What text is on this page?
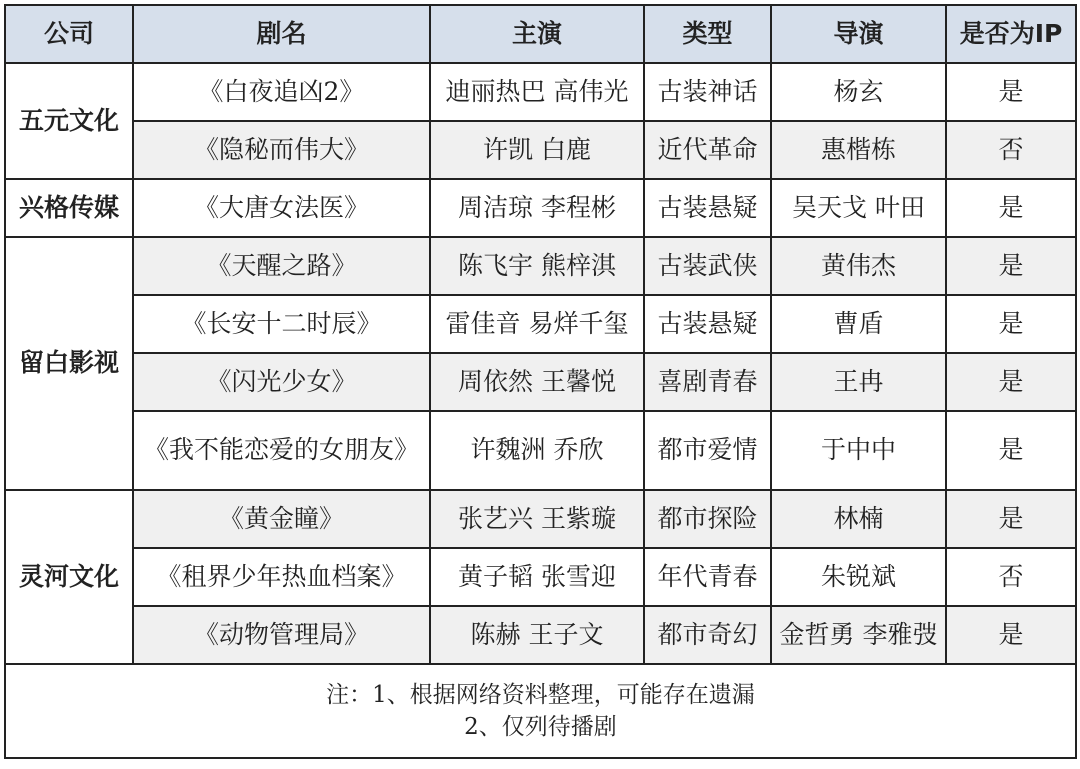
公司	剧名	主演	类型	导演	是否为IP
五元文化	《白夜追凶2》	迪丽热巴 高伟光	古装神话	杨玄	是
	《隐秘而伟大》	许凯 白鹿	近代革命	惠楷栋	否
兴格传媒	《大唐女法医》	周洁琼 李程彬	古装悬疑	吴天戈 叶田	是
留白影视	《天醒之路》	陈飞宇 熊梓淇	古装武侠	黄伟杰	是
	《长安十二时辰》	雷佳音 易烊千玺	古装悬疑	曹盾	是
	《闪光少女》	周依然 王馨悦	喜剧青春	王冉	是
	《我不能恋爱的女朋友》	许魏洲 乔欣	都市爱情	于中中	是
灵河文化	《黄金瞳》	张艺兴 王紫璇	都市探险	林楠	是
	《租界少年热血档案》	黄子韬 张雪迎	年代青春	朱锐斌	否
	《动物管理局》	陈赫 王子文	都市奇幻	金哲勇 李雅弢	是

注：1、根据网络资料整理，可能存在遗漏
2、仅列待播剧					
